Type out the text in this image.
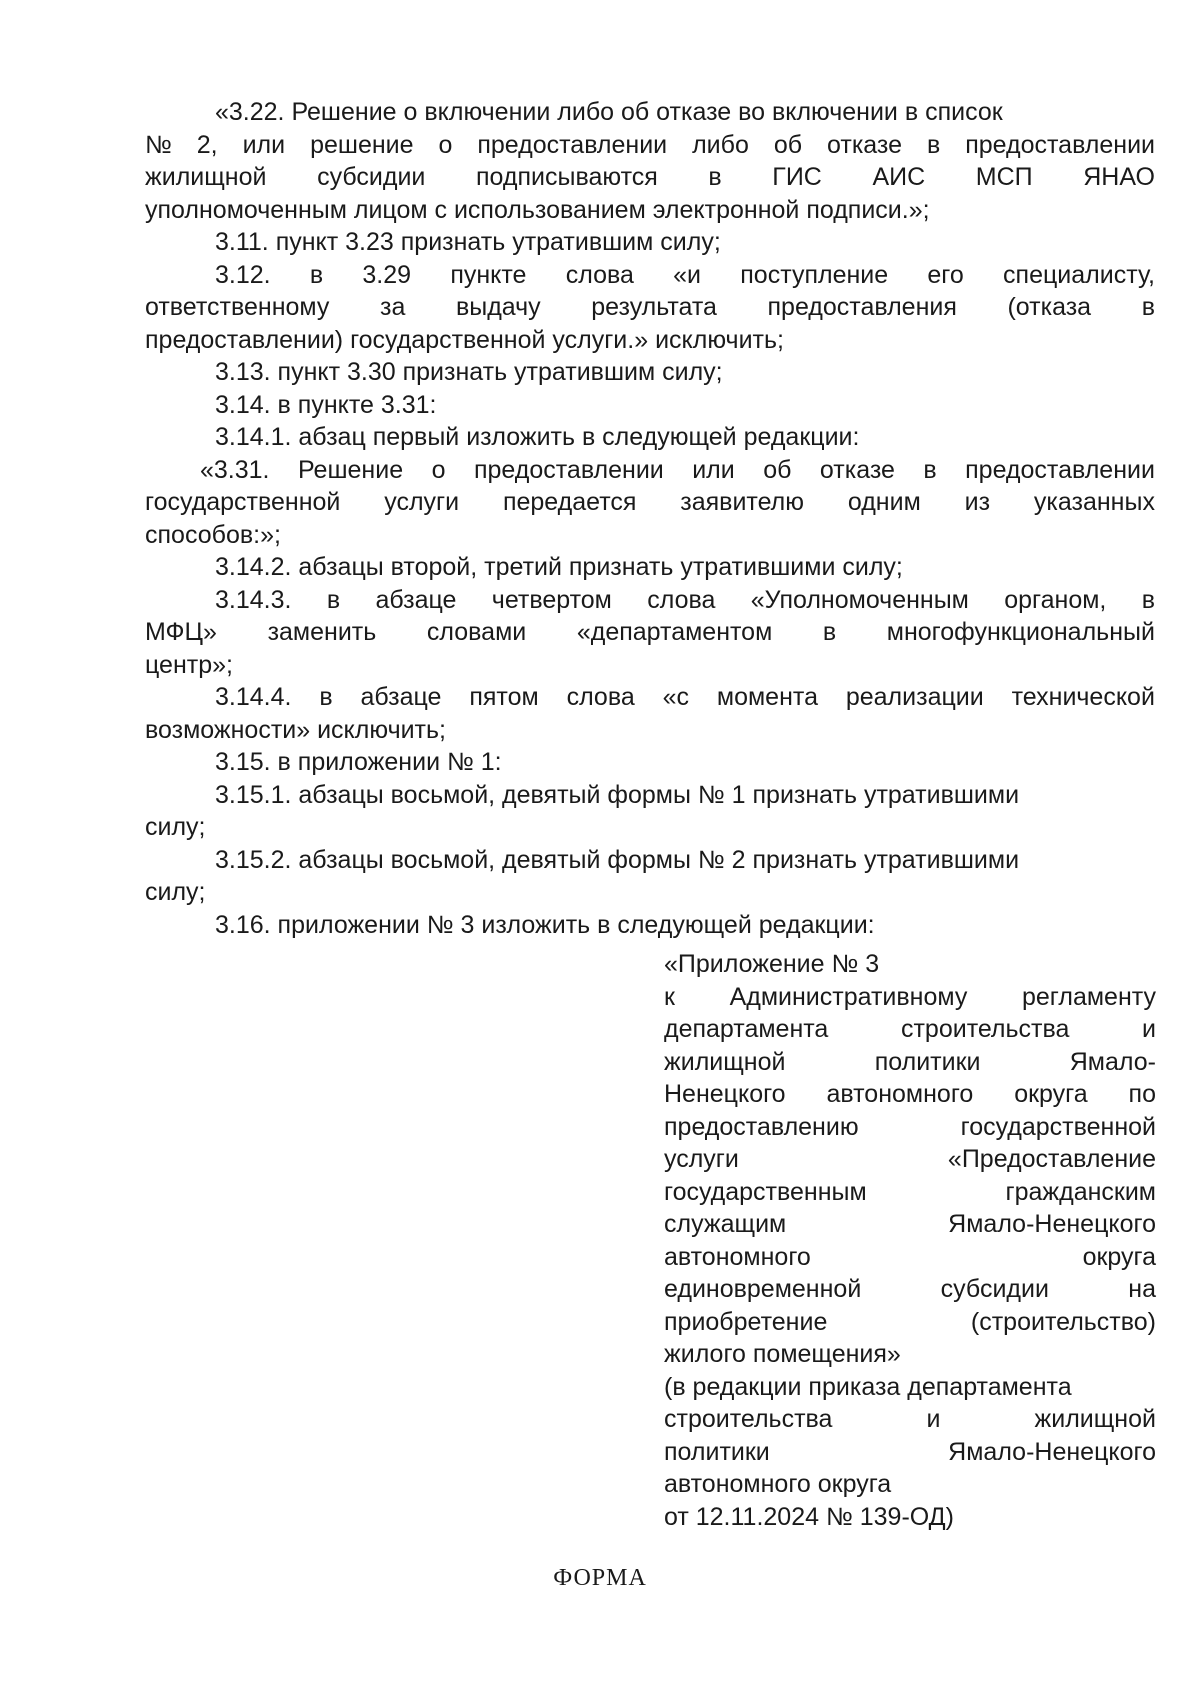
«3.22. Решение о включении либо об отказе во включении в список
№ 2, или решение о предоставлении либо об отказе в предоставлении
жилищной субсидии подписываются в ГИС АИС МСП ЯНАО
уполномоченным лицом с использованием электронной подписи.»;
3.11. пункт 3.23 признать утратившим силу;
3.12. в 3.29 пункте слова «и поступление его специалисту,
ответственному за выдачу результата предоставления (отказа в
предоставлении) государственной услуги.» исключить;
3.13. пункт 3.30 признать утратившим силу;
3.14. в пункте 3.31:
3.14.1. абзац первый изложить в следующей редакции:
«3.31. Решение о предоставлении или об отказе в предоставлении
государственной услуги передается заявителю одним из указанных
способов:»;
3.14.2. абзацы второй, третий признать утратившими силу;
3.14.3. в абзаце четвертом слова «Уполномоченным органом, в
МФЦ» заменить словами «департаментом в многофункциональный
центр»;
3.14.4. в абзаце пятом слова «с момента реализации технической
возможности» исключить;
3.15. в приложении № 1:
3.15.1. абзацы восьмой, девятый формы № 1 признать утратившими
силу;
3.15.2. абзацы восьмой, девятый формы № 2 признать утратившими
силу;
3.16. приложении № 3 изложить в следующей редакции:
«Приложение № 3
к Административному регламенту
департамента	строительства	и
жилищной	политики	Ямало-
Ненецкого автономного округа по
предоставлению	государственной
услуги	«Предоставление
государственным	гражданским
служащим	Ямало-Ненецкого
автономного	округа
единовременной	субсидии	на
приобретение	(строительство)
жилого помещения»
(в редакции приказа департамента
строительства	и	жилищной
политики	Ямало-Ненецкого
автономного округа
от 12.11.2024 № 139-ОД)
ФОРМА
